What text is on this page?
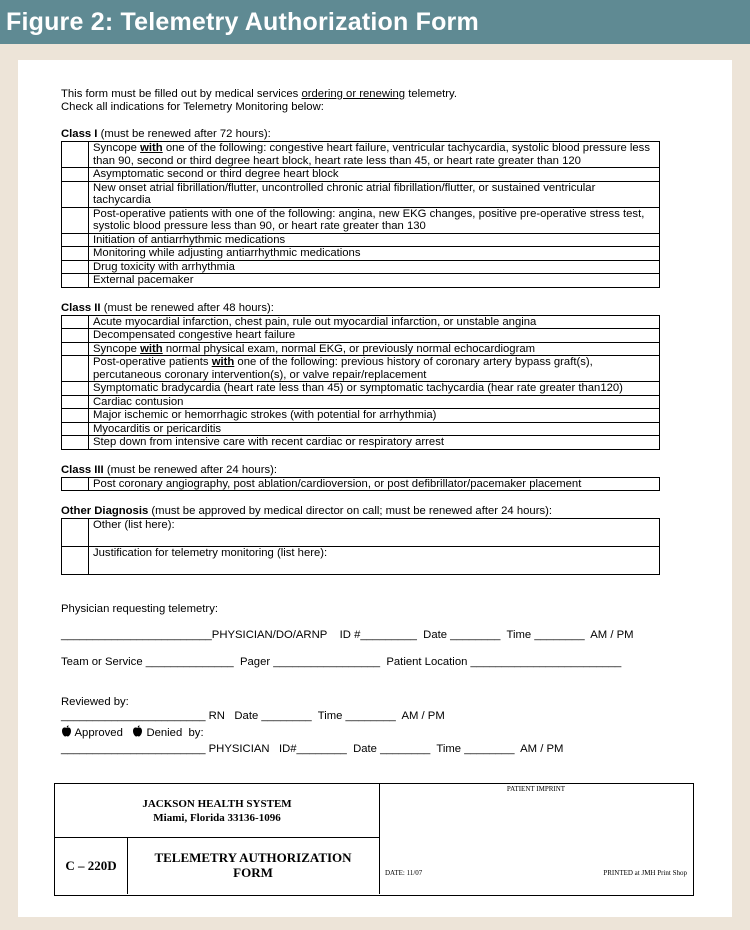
Figure 2: Telemetry Authorization Form

This form must be filled out by medical services ordering or renewing telemetry.
Check all indications for Telemetry Monitoring below:

Class I (must be renewed after 72 hours):
	Syncope with one of the following: congestive heart failure, ventricular tachycardia, systolic blood pressure less than 90, second or third degree heart block, heart rate less than 45, or heart rate greater than 120
	Asymptomatic second or third degree heart block
	New onset atrial fibrillation/flutter, uncontrolled chronic atrial fibrillation/flutter, or sustained ventricular tachycardia
	Post-operative patients with one of the following: angina, new EKG changes, positive pre-operative stress test, systolic blood pressure less than 90, or heart rate greater than 130
	Initiation of antiarrhythmic medications
	Monitoring while adjusting antiarrhythmic medications
	Drug toxicity with arrhythmia
	External pacemaker
Class II (must be renewed after 48 hours):
	Acute myocardial infarction, chest pain, rule out myocardial infarction, or unstable angina
	Decompensated congestive heart failure
	Syncope with normal physical exam, normal EKG, or previously normal echocardiogram
	Post-operative patients with one of the following: previous history of coronary artery bypass graft(s), percutaneous coronary intervention(s), or valve repair/replacement
	Symptomatic bradycardia (heart rate less than 45) or symptomatic tachycardia (hear rate greater than120)
	Cardiac contusion
	Major ischemic or hemorrhagic strokes (with potential for arrhythmia)
	Myocarditis or pericarditis
	Step down from intensive care with recent cardiac or respiratory arrest
Class III (must be renewed after 24 hours):
	Post coronary angiography, post ablation/cardioversion, or post defibrillator/pacemaker placement
Other Diagnosis (must be approved by medical director on call; must be renewed after 24 hours):
	Other (list here):
	Justification for telemetry monitoring (list here):
Physician requesting telemetry:
________________________PHYSICIAN/DO/ARNP    ID #_________  Date ________  Time ________  AM / PM
Team or Service ______________  Pager _________________  Patient Location ________________________
Reviewed by:
_______________________ RN   Date ________  Time ________  AM / PM
Approved Denied  by:
_______________________ PHYSICIAN   ID#________  Date ________  Time ________  AM / PM
JACKSON HEALTH SYSTEM
Miami, Florida 33136-1096
C – 220D
TELEMETRY AUTHORIZATION
FORM
PATIENT IMPRINT
DATE: 11/07	PRINTED at JMH Print Shop
